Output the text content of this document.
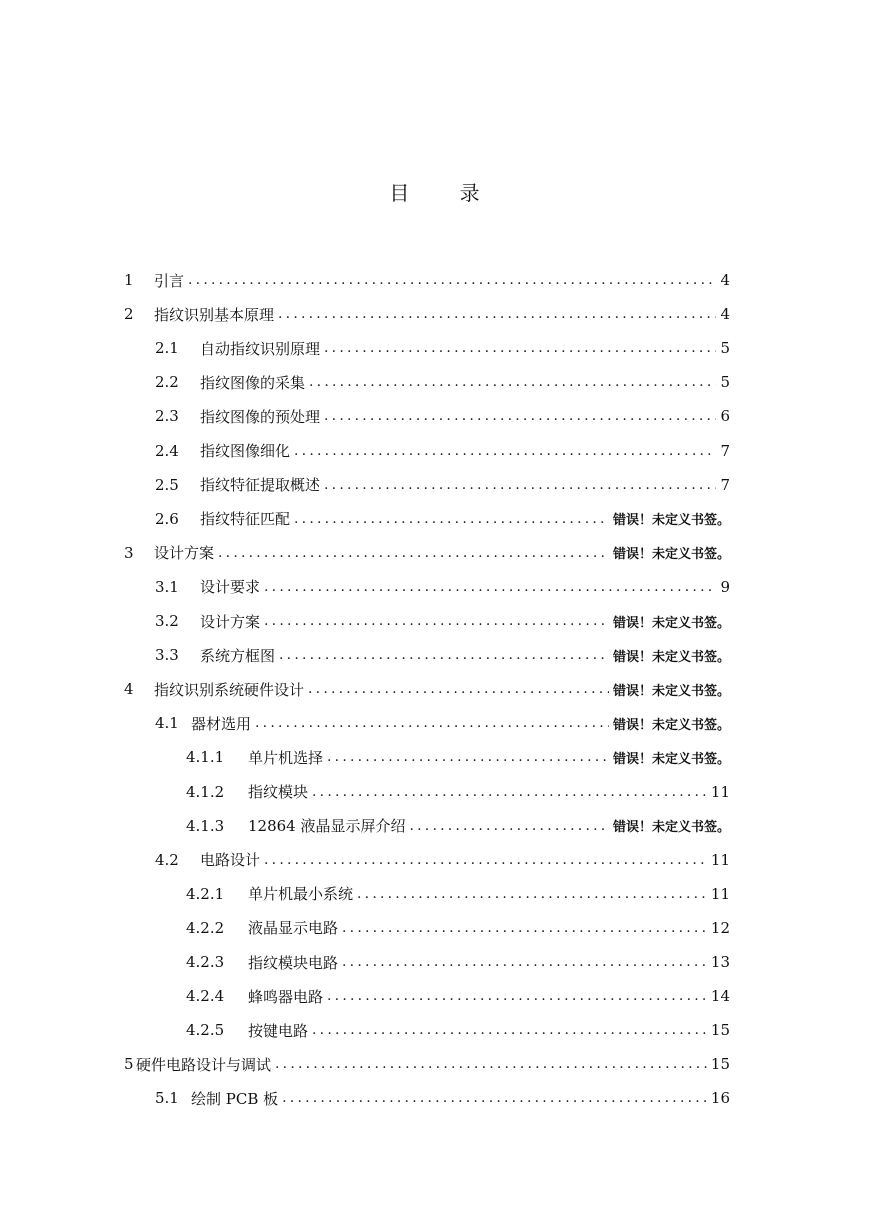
目 录
1	引言 .....	4
2	指纹识别基本原理 .....	4
2.1	自动指纹识别原理 .....	5
2.2	指纹图像的采集 .....	5
2.3	指纹图像的预处理 .....	6
2.4	指纹图像细化 .....	7
2.5	指纹特征提取概述 .....	7
2.6	指纹特征匹配 .....	错误！未定义书签。
3	设计方案 .....	错误！未定义书签。
3.1	设计要求 .....	9
3.2	设计方案 .....	错误！未定义书签。
3.3	系统方框图 .....	错误！未定义书签。
4	指纹识别系统硬件设计 .....	错误！未定义书签。
4.1 器材选用 .....	错误！未定义书签。
4.1.1	单片机选择 .....	错误！未定义书签。
4.1.2	指纹模块 .....	11
4.1.3	12864 液晶显示屏介绍 .....	错误！未定义书签。
4.2	电路设计 .....	11
4.2.1	单片机最小系统 .....	11
4.2.2	液晶显示电路 .....	12
4.2.3	指纹模块电路 .....	13
4.2.4	蜂鸣器电路 .....	14
4.2.5	按键电路 .....	15
5 硬件电路设计与调试 .....	15
5.1 绘制 PCB 板 .....	16
